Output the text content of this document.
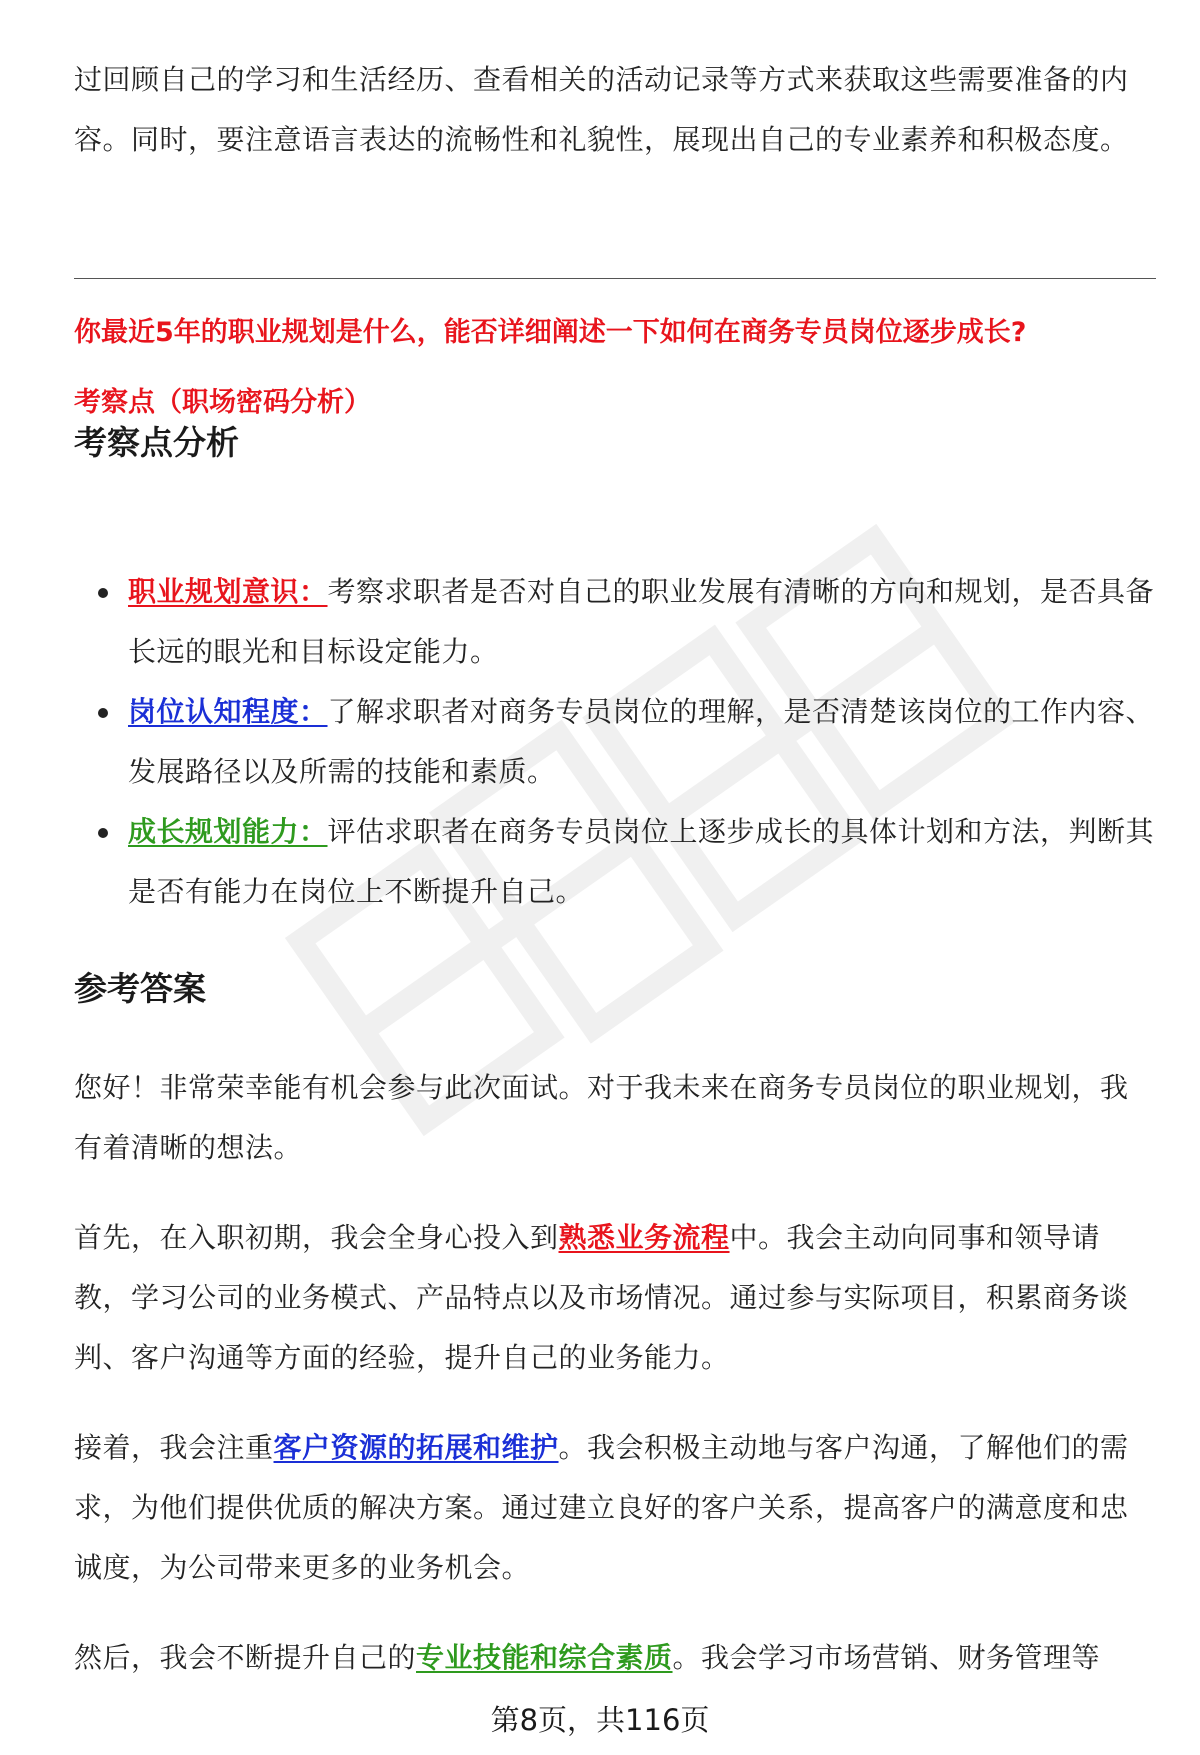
过回顾自己的学习和生活经历、查看相关的活动记录等方式来获取这些需要准备的内容。同时，要注意语言表达的流畅性和礼貌性，展现出自己的专业素养和积极态度。

你最近5年的职业规划是什么，能否详细阐述一下如何在商务专员岗位逐步成长?

考察点（职场密码分析）

考察点分析
职业规划意识：考察求职者是否对自己的职业发展有清晰的方向和规划，是否具备长远的眼光和目标设定能力。
岗位认知程度：了解求职者对商务专员岗位的理解，是否清楚该岗位的工作内容、发展路径以及所需的技能和素质。
成长规划能力：评估求职者在商务专员岗位上逐步成长的具体计划和方法，判断其是否有能力在岗位上不断提升自己。
参考答案

您好！非常荣幸能有机会参与此次面试。对于我未来在商务专员岗位的职业规划，我有着清晰的想法。

首先，在入职初期，我会全身心投入到熟悉业务流程中。我会主动向同事和领导请教，学习公司的业务模式、产品特点以及市场情况。通过参与实际项目，积累商务谈判、客户沟通等方面的经验，提升自己的业务能力。

接着，我会注重客户资源的拓展和维护。我会积极主动地与客户沟通，了解他们的需求，为他们提供优质的解决方案。通过建立良好的客户关系，提高客户的满意度和忠诚度，为公司带来更多的业务机会。

然后，我会不断提升自己的专业技能和综合素质。我会学习市场营销、财务管理等

第8页，共116页
